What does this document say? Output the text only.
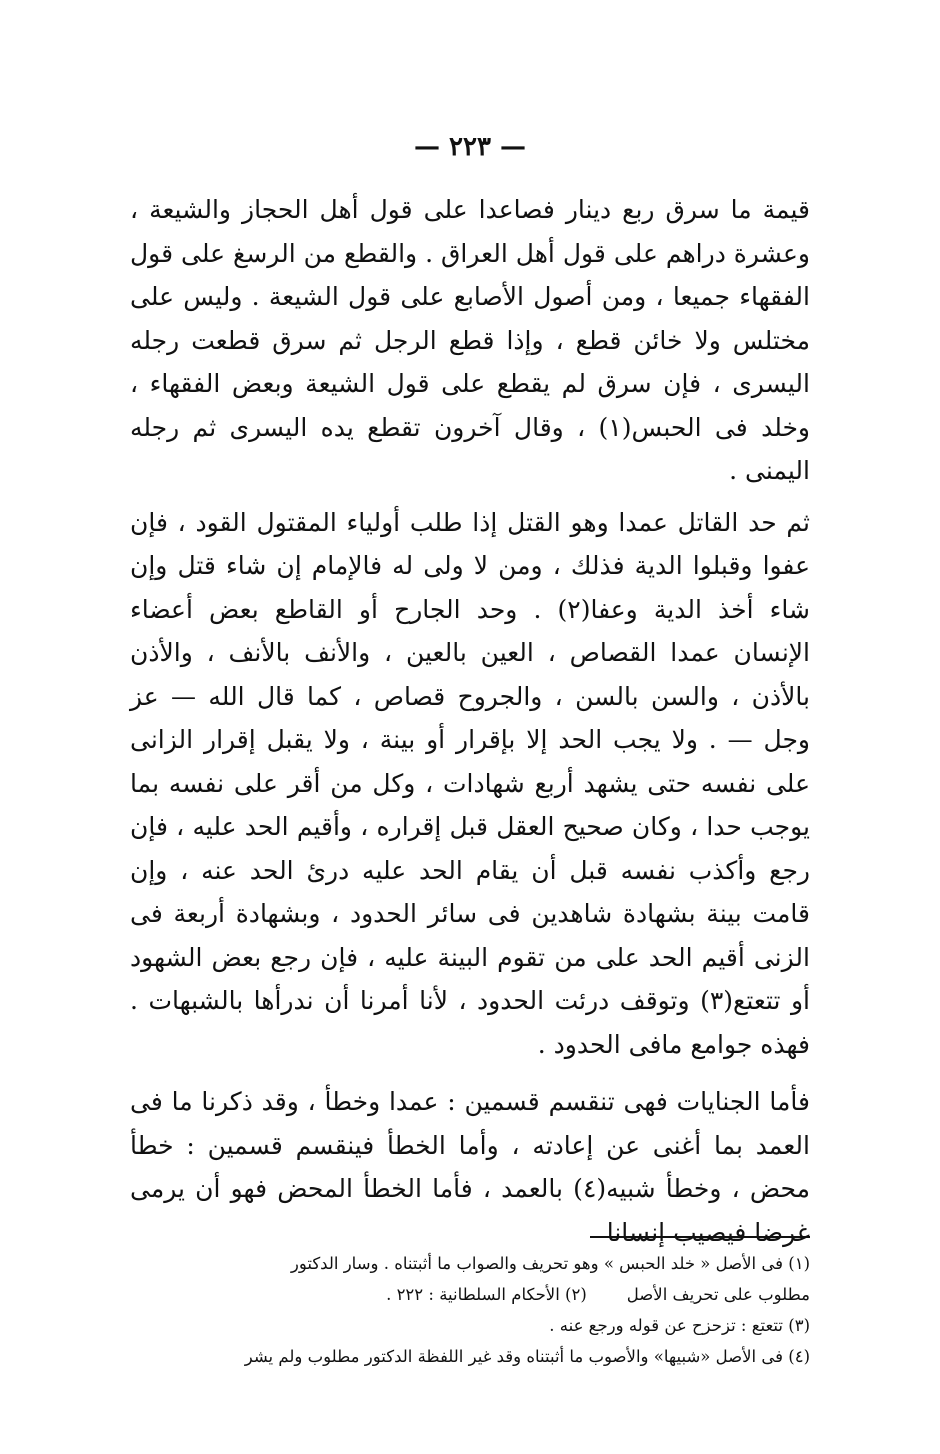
— ٢٢٣ —

قيمة ما سرق ربع دينار فصاعدا على قول أهل الحجاز والشيعة ، وعشرة دراهم على قول أهل العراق . والقطع من الرسغ على قول الفقهاء جميعا ، ومن أصول الأصابع على قول الشيعة . وليس على مختلس ولا خائن قطع ، وإذا قطع الرجل ثم سرق قطعت رجله اليسرى ، فإن سرق لم يقطع على قول الشيعة وبعض الفقهاء ، وخلد فى الحبس(١) ، وقال آخرون تقطع يده اليسرى ثم رجله اليمنى .

ثم حد القاتل عمدا وهو القتل إذا طلب أولياء المقتول القود ، فإن عفوا وقبلوا الدية فذلك ، ومن لا ولى له فالإمام إن شاء قتل وإن شاء أخذ الدية وعفا(٢) . وحد الجارح أو القاطع بعض أعضاء الإنسان عمدا القصاص ، العين بالعين ، والأنف بالأنف ، والأذن بالأذن ، والسن بالسن ، والجروح قصاص ، كما قال الله — عز وجل — . ولا يجب الحد إلا بإقرار أو بينة ، ولا يقبل إقرار الزانى على نفسه حتى يشهد أربع شهادات ، وكل من أقر على نفسه بما يوجب حدا ، وكان صحيح العقل قبل إقراره ، وأقيم الحد عليه ، فإن رجع وأكذب نفسه قبل أن يقام الحد عليه درئ الحد عنه ، وإن قامت بينة بشهادة شاهدين فى سائر الحدود ، وبشهادة أربعة فى الزنى أقيم الحد على من تقوم البينة عليه ، فإن رجع بعض الشهود أو تتعتع(٣) وتوقف درئت الحدود ، لأنا أمرنا أن ندرأها بالشبهات . فهذه جوامع مافى الحدود .

فأما الجنايات فهى تنقسم قسمين : عمدا وخطأ ، وقد ذكرنا ما فى العمد بما أغنى عن إعادته ، وأما الخطأ فينقسم قسمين : خطأ محض ، وخطأ شبيه(٤) بالعمد ، فأما الخطأ المحض فهو أن يرمى غرضا فيصيب إنسانا

(١) فى الأصل « خلد الحبس » وهو تحريف والصواب ما أثبتناه . وسار الدكتور

مطلوب على تحريف الأصل(٢) الأحكام السلطانية : ٢٢٢ .

(٣) تتعتع : تزحزح عن قوله ورجع عنه .

(٤) فى الأصل «شبيها» والأصوب ما أثبتناه وقد غير اللفظة الدكتور مطلوب ولم يشر
